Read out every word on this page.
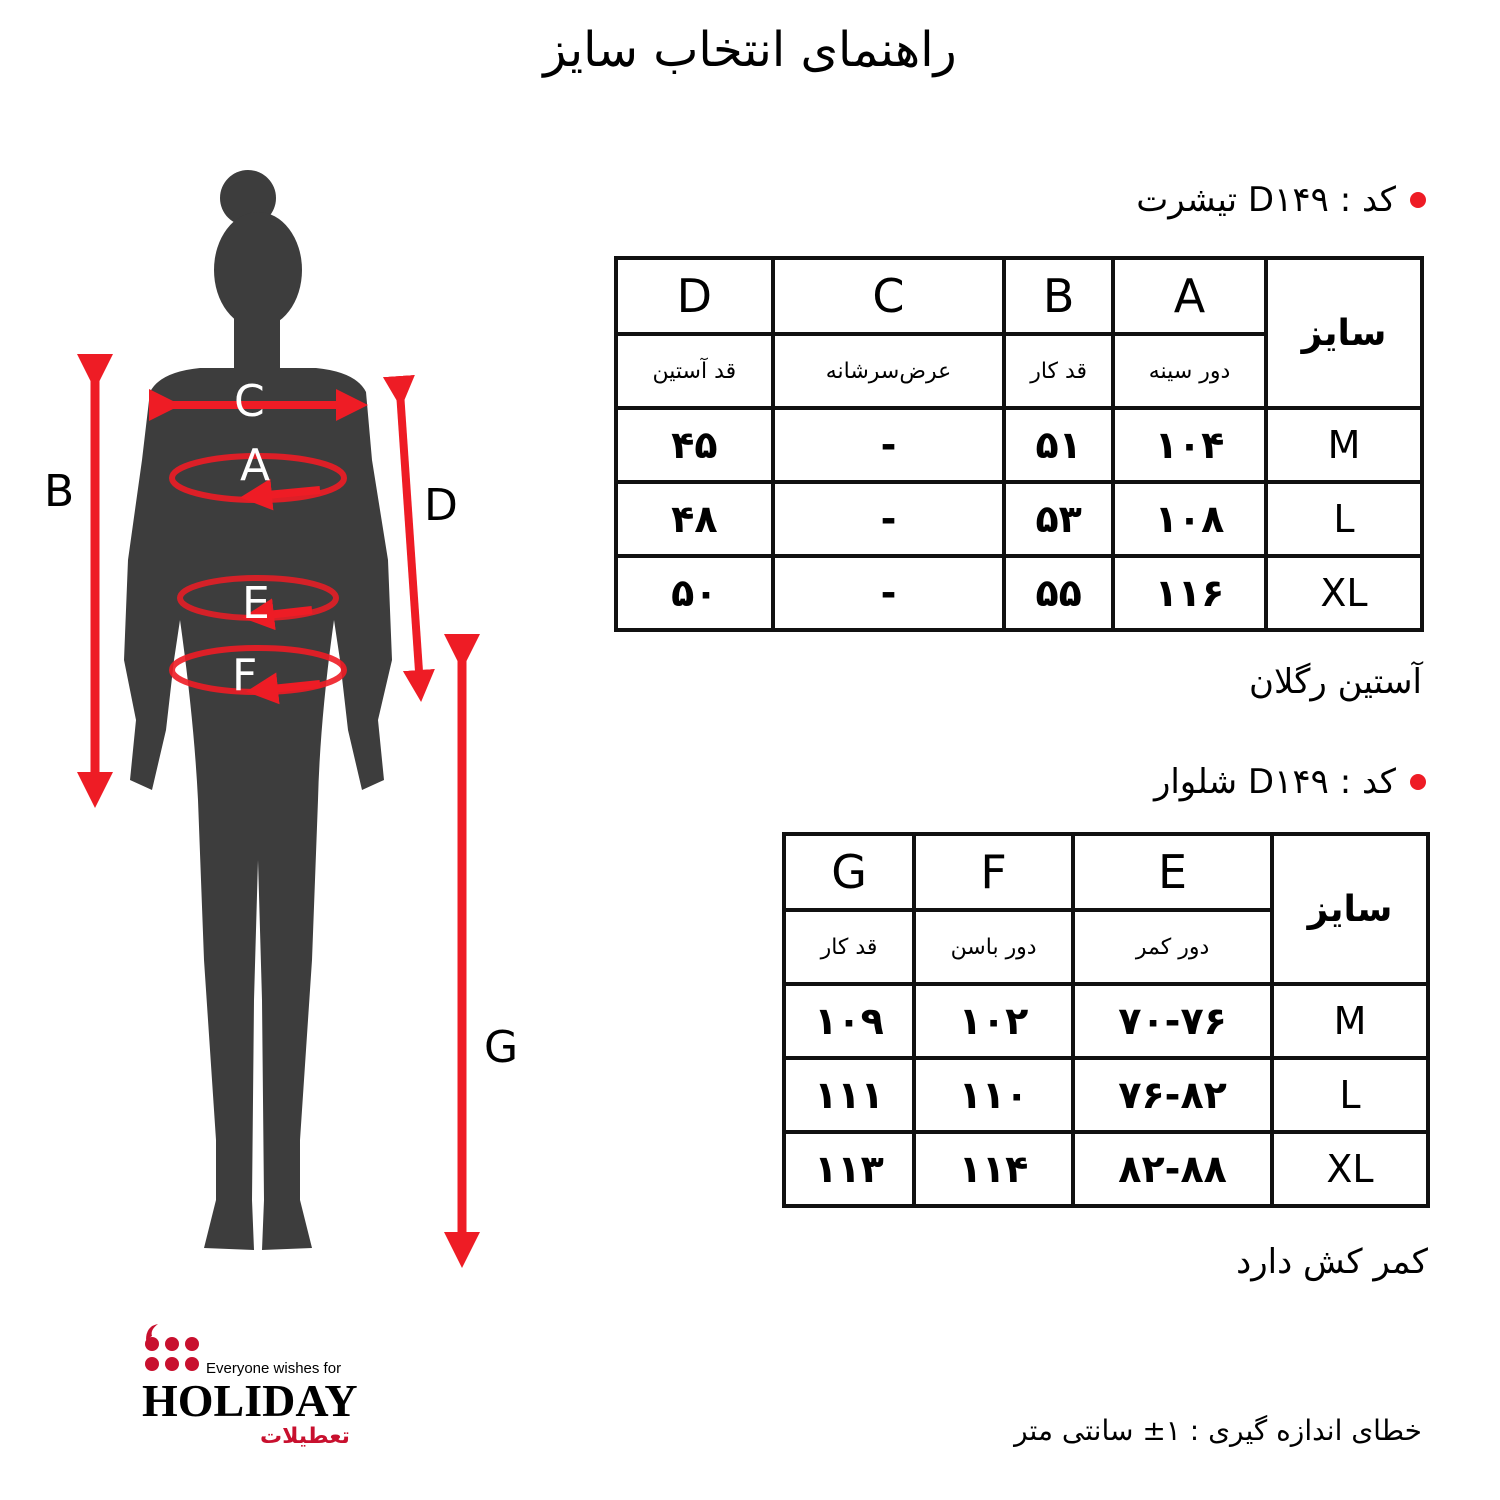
راهنمای انتخاب سایز
B	D
G
C
A
E
F
کد : D۱۴۹ تیشرت
سایز	A	B	C	D
	دور سینه	قد کار	عرض‌سرشانه	قد آستین
M	۱۰۴	۵۱	-	۴۵
L	۱۰۸	۵۳	-	۴۸
XL	۱۱۶	۵۵	-	۵۰
آستین رگلان
کد : D۱۴۹ شلوار
سایز	E	F	G
	دور کمر	دور باسن	قد کار
M	۷۰-۷۶	۱۰۲	۱۰۹
L	۷۶-۸۲	۱۱۰	۱۱۱
XL	۸۲-۸۸	۱۱۴	۱۱۳
کمر کش دارد
Everyone wishes for
HOLIDAY
تعطیلات	خطای اندازه گیری : ۱± سانتی متر
